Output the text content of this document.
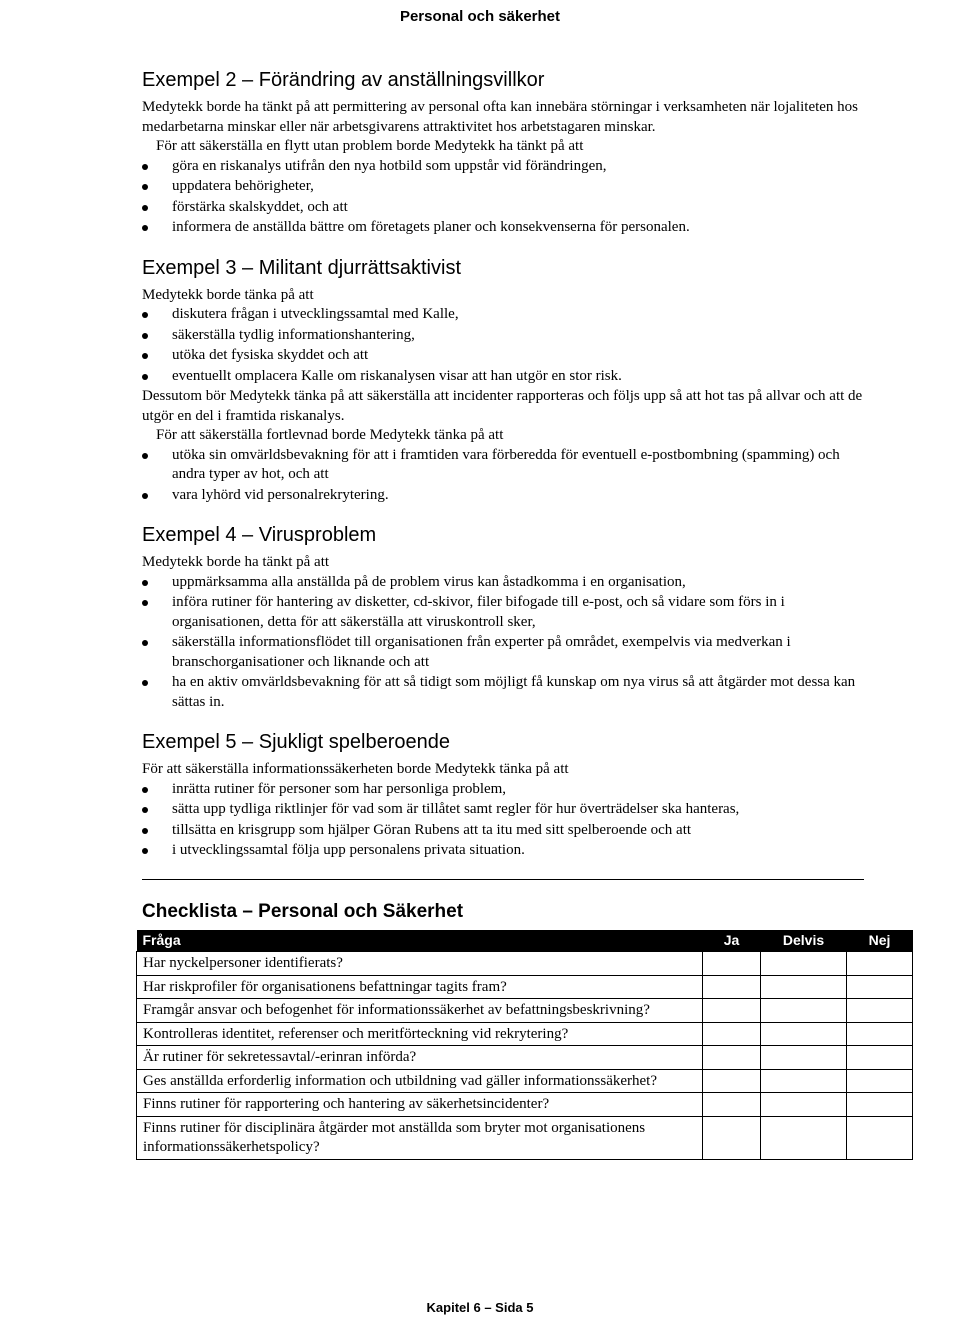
Personal och säkerhet
Exempel 2 – Förändring av anställningsvillkor

Medytekk borde ha tänkt på att permittering av personal ofta kan innebära störningar i verksamheten när lojaliteten hos medarbetarna minskar eller när arbetsgivarens attraktivitet hos arbetstagaren minskar.

För att säkerställa en flytt utan problem borde Medytekk ha tänkt på att

göra en riskanalys utifrån den nya hotbild som uppstår vid förändringen,
uppdatera behörigheter,
förstärka skalskyddet, och att
informera de anställda bättre om företagets planer och konsekvenserna för personalen.
Exempel 3 – Militant djurrättsaktivist

Medytekk borde tänka på att

diskutera frågan i utvecklingssamtal med Kalle,
säkerställa tydlig informationshantering,
utöka det fysiska skyddet och att
eventuellt omplacera Kalle om riskanalysen visar att han utgör en stor risk.

Dessutom bör Medytekk tänka på att säkerställa att incidenter rapporteras och följs upp så att hot tas på allvar och att de utgör en del i framtida riskanalys.

För att säkerställa fortlevnad borde Medytekk tänka på att

utöka sin omvärldsbevakning för att i framtiden vara förberedda för eventuell e-postbombning (spamming) och andra typer av hot, och att
vara lyhörd vid personalrekrytering.
Exempel 4 – Virusproblem

Medytekk borde ha tänkt på att

uppmärksamma alla anställda på de problem virus kan åstadkomma i en organisation,
införa rutiner för hantering av disketter, cd-skivor, filer bifogade till e-post, och så vidare som förs in i organisationen, detta för att säkerställa att viruskontroll sker,
säkerställa informationsflödet till organisationen från experter på området, exempelvis via medverkan i branschorganisationer och liknande och att
ha en aktiv omvärldsbevakning för att så tidigt som möjligt få kunskap om nya virus så att åtgärder mot dessa kan sättas in.
Exempel 5 – Sjukligt spelberoende

För att säkerställa informationssäkerheten borde Medytekk tänka på att

inrätta rutiner för personer som har personliga problem,
sätta upp tydliga riktlinjer för vad som är tillåtet samt regler för hur överträdelser ska hanteras,
tillsätta en krisgrupp som hjälper Göran Rubens att ta itu med sitt spelberoende och att
i utvecklingssamtal följa upp personalens privata situation.
Checklista – Personal och Säkerhet
Fråga	Ja	Delvis	Nej
Har nyckelpersoner identifierats?			
Har riskprofiler för organisationens befattningar tagits fram?			
Framgår ansvar och befogenhet för informationssäkerhet av befattningsbeskrivning?			
Kontrolleras identitet, referenser och meritförteckning vid rekrytering?			
Är rutiner för sekretessavtal/-erinran införda?			
Ges anställda erforderlig information och utbildning vad gäller informationssäkerhet?			
Finns rutiner för rapportering och hantering av säkerhetsincidenter?			
Finns rutiner för disciplinära åtgärder mot anställda som bryter mot organisationens informationssäkerhetspolicy?			
Kapitel 6 – Sida 5
